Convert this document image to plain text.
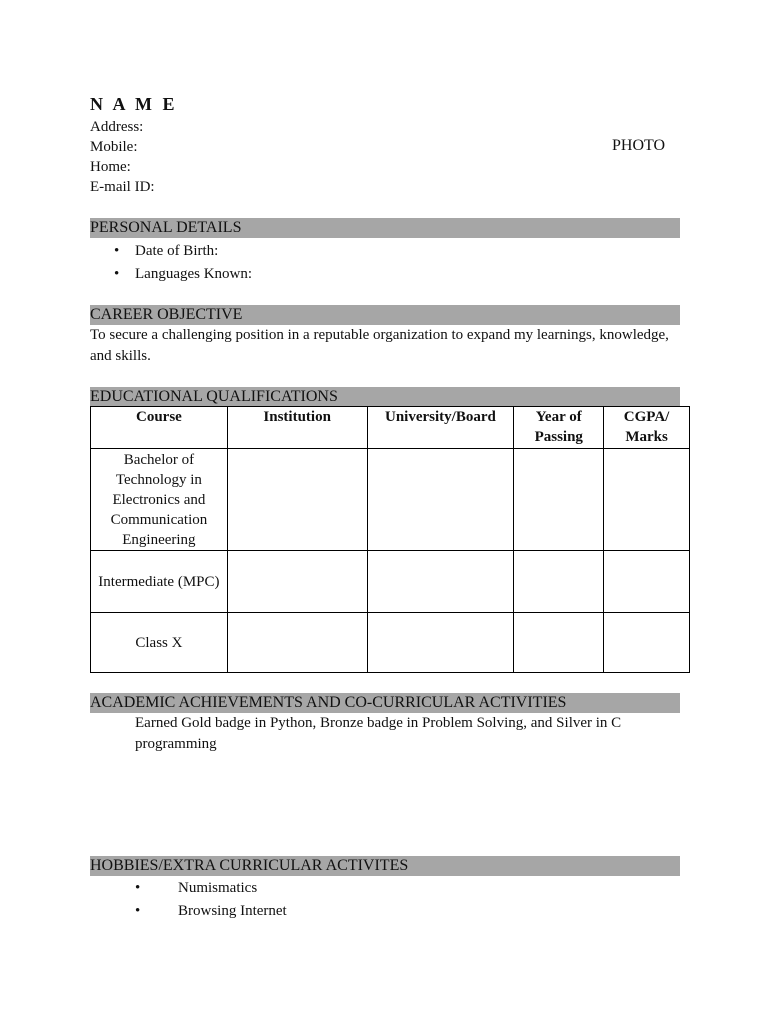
N A M E
Address:
Mobile:
Home:
E-mail ID:
PHOTO
PERSONAL DETAILS
• Date of Birth:
• Languages Known:
CAREER OBJECTIVE
To secure a challenging position in a reputable organization to expand my learnings, knowledge, and skills.
EDUCATIONAL QUALIFICATIONS
Course	Institution	University/Board	Year of Passing	CGPA/ Marks
Bachelor of Technology in Electronics and Communication Engineering				
Intermediate (MPC)				
Class X				
ACADEMIC ACHIEVEMENTS AND CO-CURRICULAR ACTIVITIES
Earned Gold badge in Python, Bronze badge in Problem Solving, and Silver in C programming
HOBBIES/EXTRA CURRICULAR ACTIVITES
•	Numismatics
•	Browsing Internet
